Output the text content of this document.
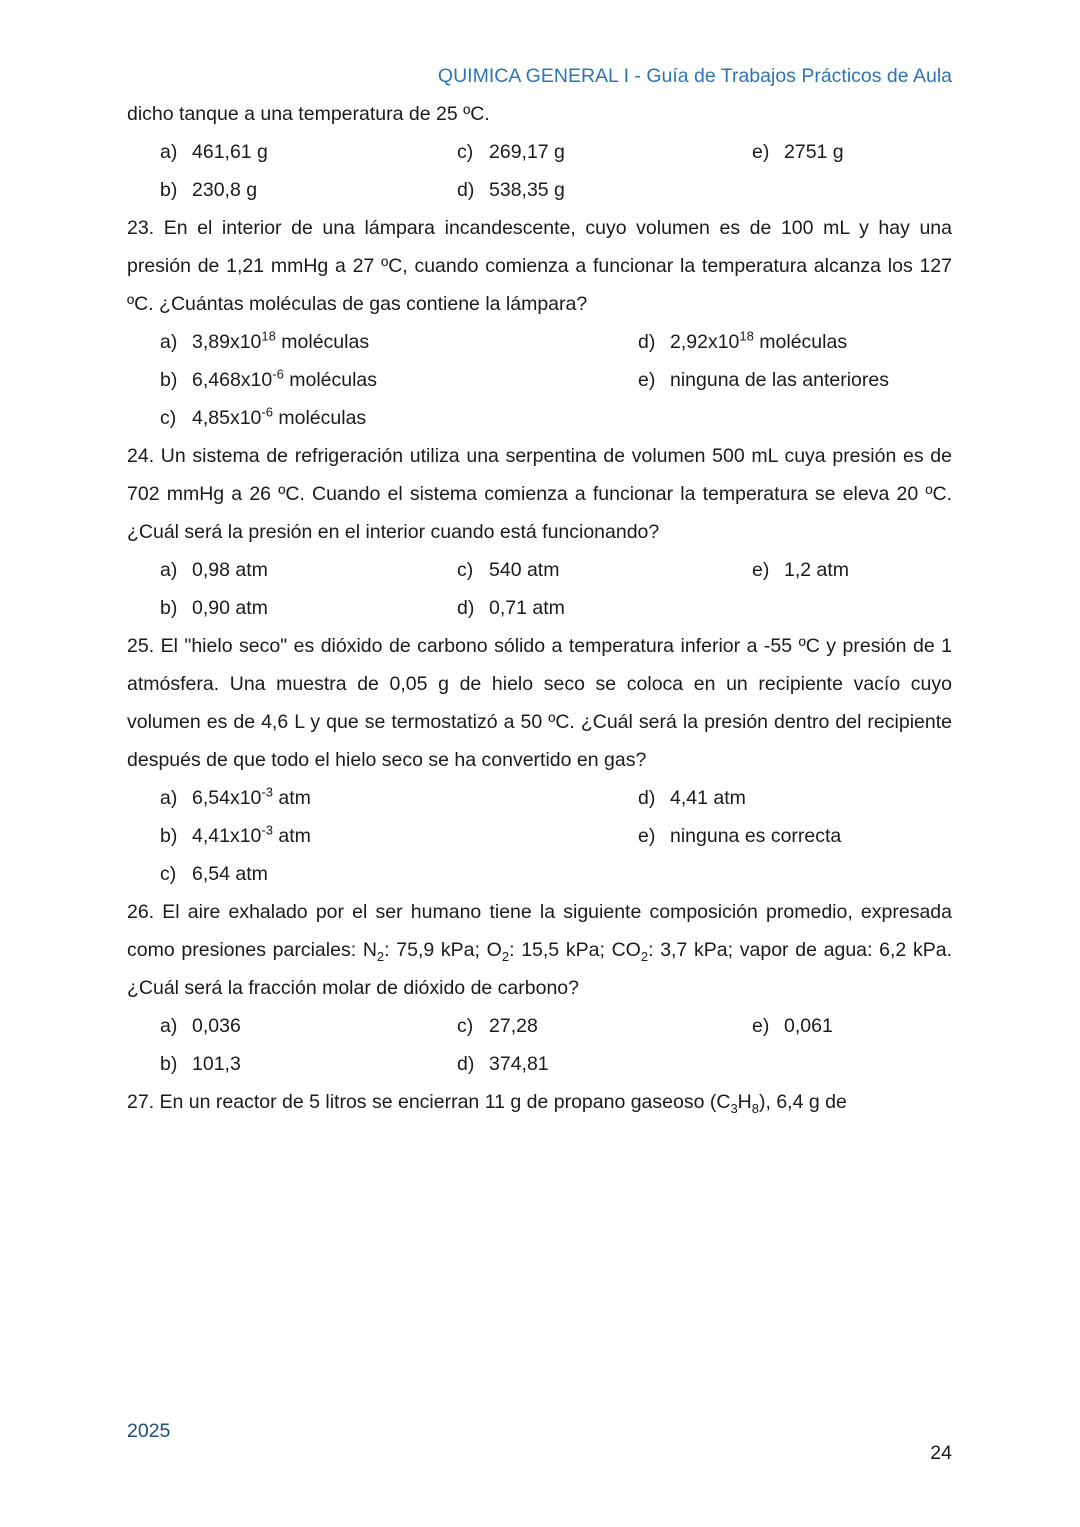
QUIMICA GENERAL I - Guía de Trabajos Prácticos de Aula

dicho tanque a una temperatura de 25 ºC.

a) 461,61 g	c) 269,17 g	e) 2751 g
b) 230,8 g	d) 538,35 g

23. En el interior de una lámpara incandescente, cuyo volumen es de 100 mL y hay una presión de 1,21 mmHg a 27 ºC, cuando comienza a funcionar la temperatura alcanza los 127 ºC. ¿Cuántas moléculas de gas contiene la lámpara?

a) $3,89x10^{18}$ moléculas	d) $2,92x10^{18}$ moléculas
b) $6,468x10^{-6}$ moléculas	e) ninguna de las anteriores
c) $4,85x10^{-6}$ moléculas

24. Un sistema de refrigeración utiliza una serpentina de volumen 500 mL cuya presión es de 702 mmHg a 26 ºC. Cuando el sistema comienza a funcionar la temperatura se eleva 20 ºC. ¿Cuál será la presión en el interior cuando está funcionando?

a) 0,98 atm	c) 540 atm	e) 1,2 atm
b) 0,90 atm	d) 0,71 atm

25. El "hielo seco" es dióxido de carbono sólido a temperatura inferior a -55 ºC y presión de 1 atmósfera. Una muestra de 0,05 g de hielo seco se coloca en un recipiente vacío cuyo volumen es de 4,6 L y que se termostatizó a 50 ºC. ¿Cuál será la presión dentro del recipiente después de que todo el hielo seco se ha convertido en gas?

a) $6,54x10^{-3}$ atm	d) 4,41 atm
b) $4,41x10^{-3}$ atm	e) ninguna es correcta
c) 6,54 atm

26. El aire exhalado por el ser humano tiene la siguiente composición promedio, expresada como presiones parciales: $N_2$: 75,9 kPa; $O_2$: 15,5 kPa; $CO_2$: 3,7 kPa; vapor de agua: 6,2 kPa. ¿Cuál será la fracción molar de dióxido de carbono?

a) 0,036	c) 27,28	e) 0,061
b) 101,3	d) 374,81

27. En un reactor de 5 litros se encierran 11 g de propano gaseoso $(C_3H_8)$, 6,4 g de

2025
24
